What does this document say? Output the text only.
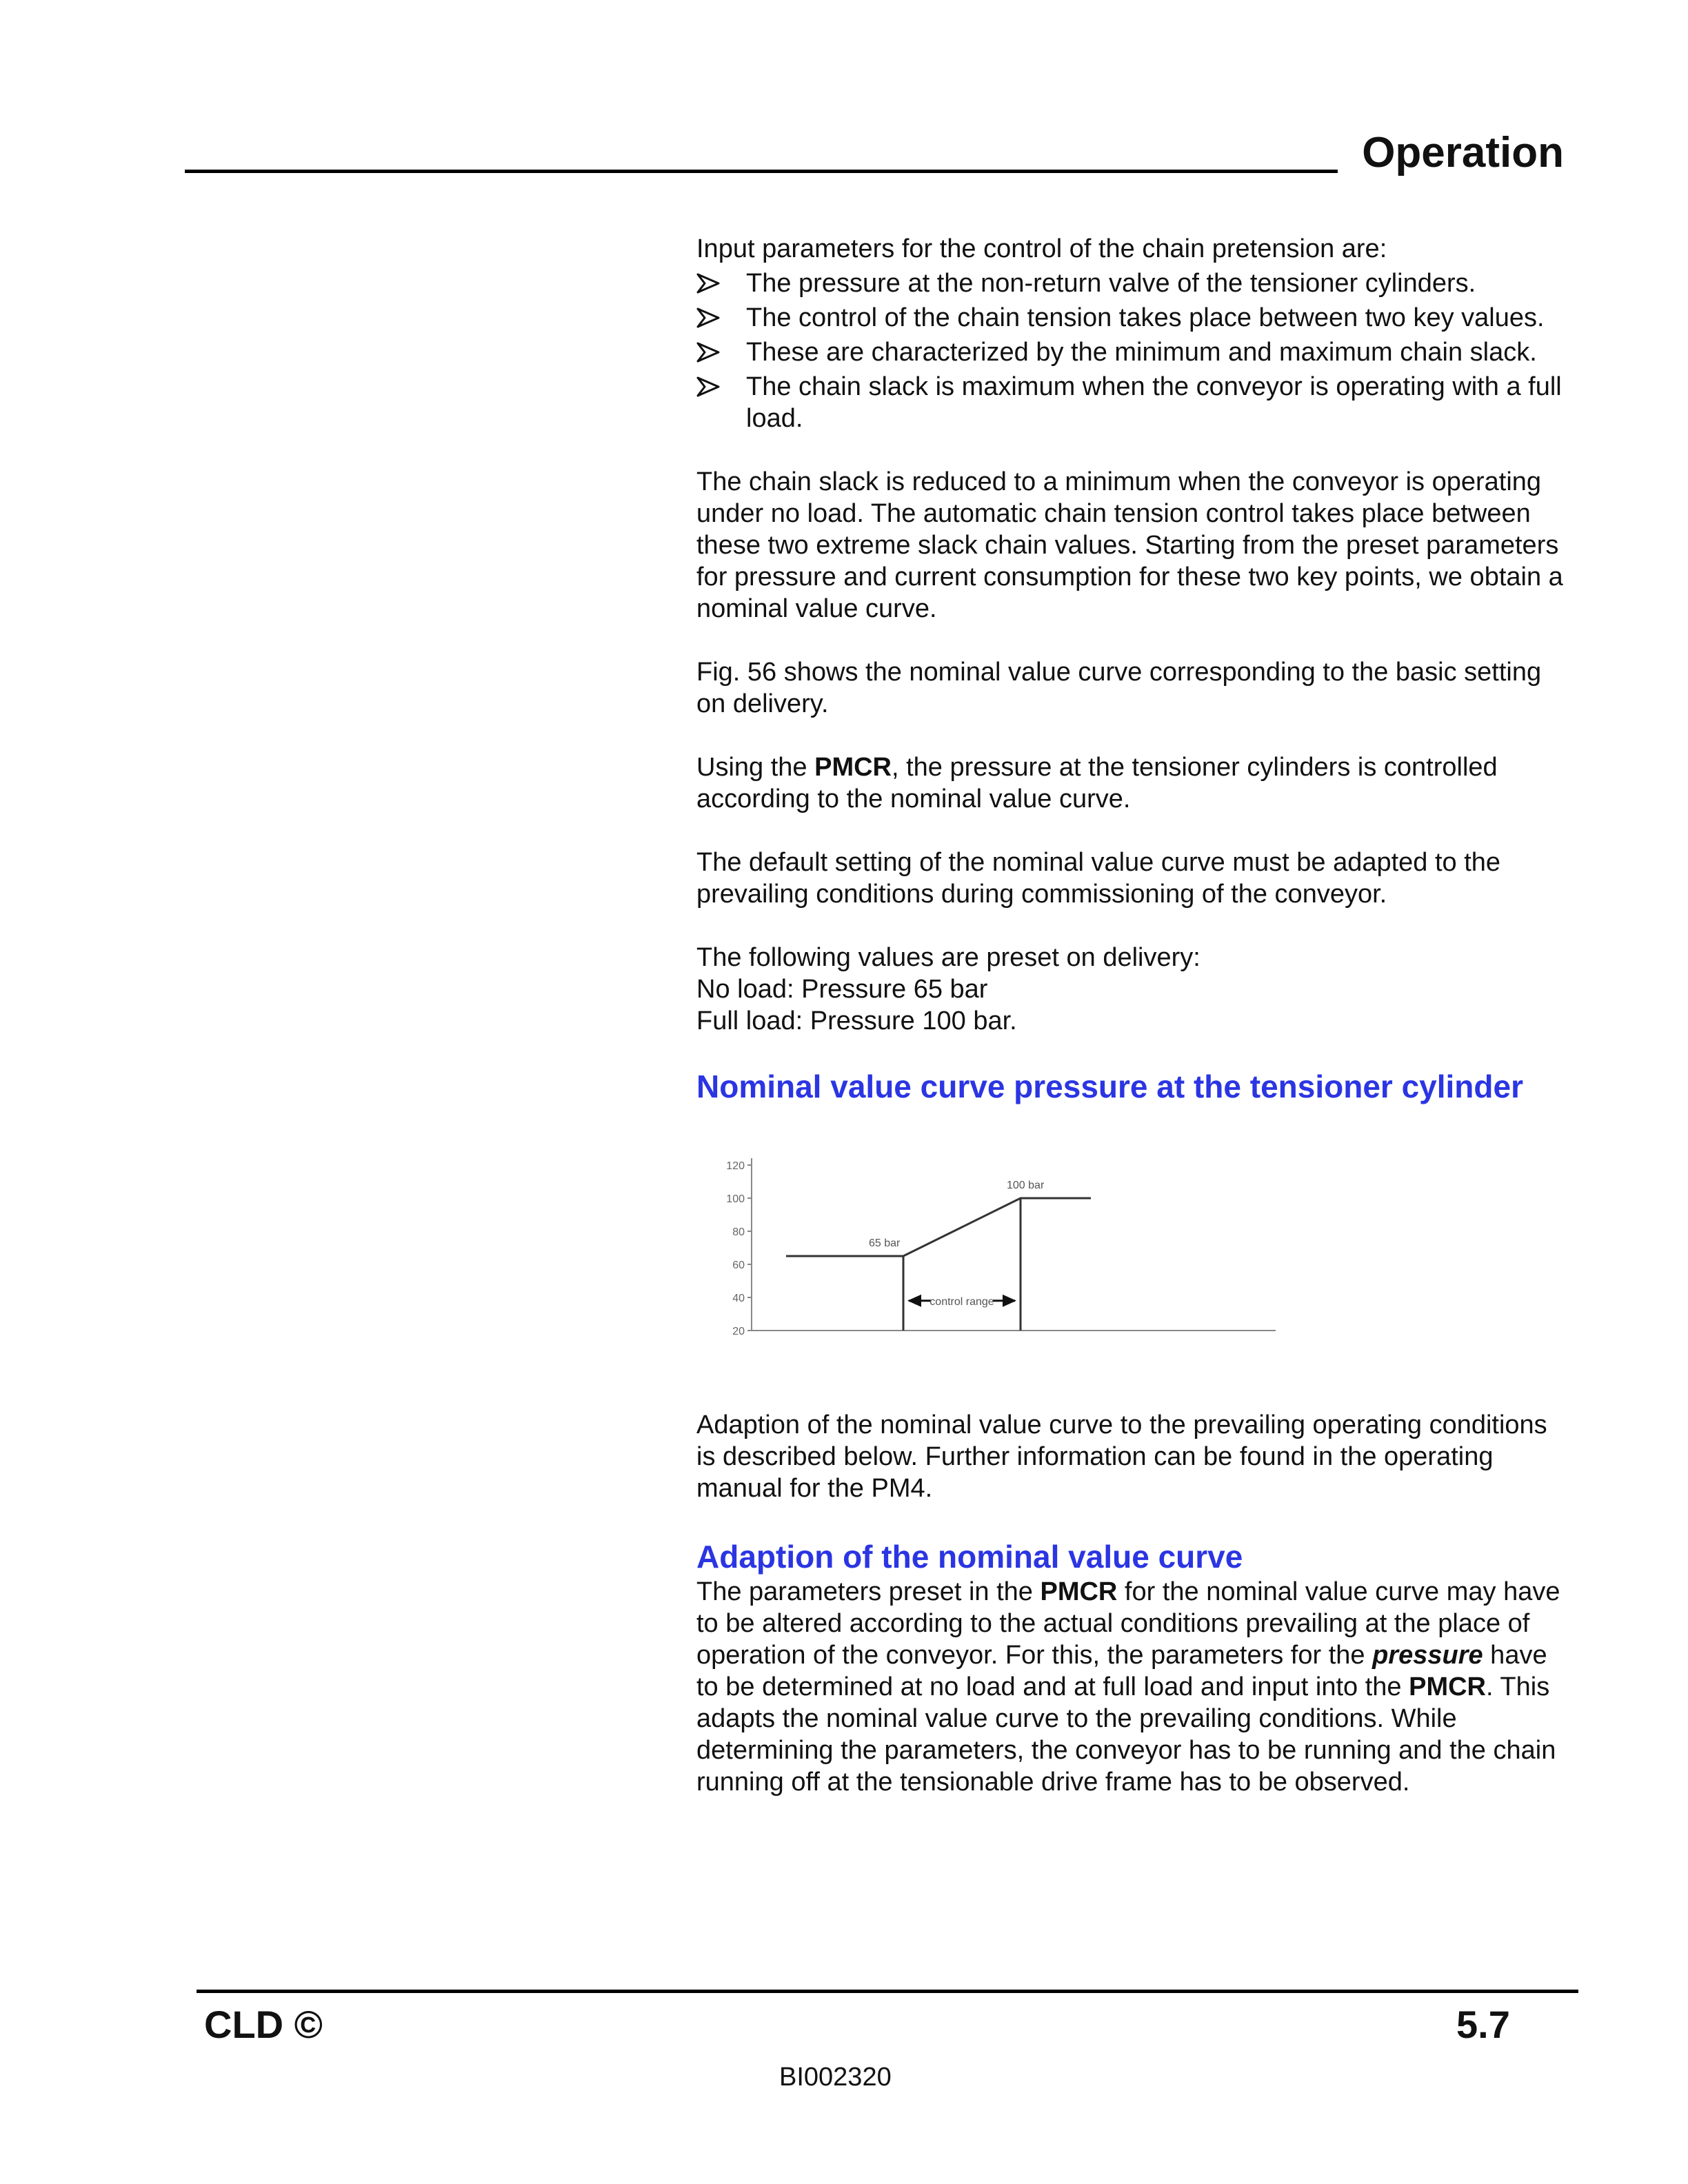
Operation

Input parameters for the control of the chain pretension are:

The pressure at the non-return valve of the tensioner cylinders.
The control of the chain tension takes place between two key values.
These are characterized by the minimum and maximum chain slack.
The chain slack is maximum when the conveyor is operating with a full load.

The chain slack is reduced to a minimum when the conveyor is operating under no load. The automatic chain tension control takes place between these two extreme slack chain values. Starting from the preset parameters for pressure and current consumption for these two key points, we obtain a nominal value curve.

Fig. 56 shows the nominal value curve corresponding to the basic setting on delivery.

Using the PMCR, the pressure at the tensioner cylinders is controlled according to the nominal value curve.

The default setting of the nominal value curve must be adapted to the prevailing conditions during commissioning of the conveyor.

The following values are preset on delivery:

No load: Pressure 65 bar

Full load: Pressure 100 bar.

Nominal value curve pressure at the tensioner cylinder
120
100
80
60
40
20
65 bar
100 bar
control range

Adaption of the nominal value curve to the prevailing operating conditions is described below. Further information can be found in the operating manual for the PM4.

Adaption of the nominal value curve

The parameters preset in the PMCR for the nominal value curve may have to be altered according to the actual conditions prevailing at the place of operation of the conveyor. For this, the parameters for the pressure have to be determined at no load and at full load and input into the PMCR. This adapts the nominal value curve to the prevailing conditions. While determining the parameters, the conveyor has to be running and the chain running off at the tensionable drive frame has to be observed.

CLD ©	5.7
BI002320
